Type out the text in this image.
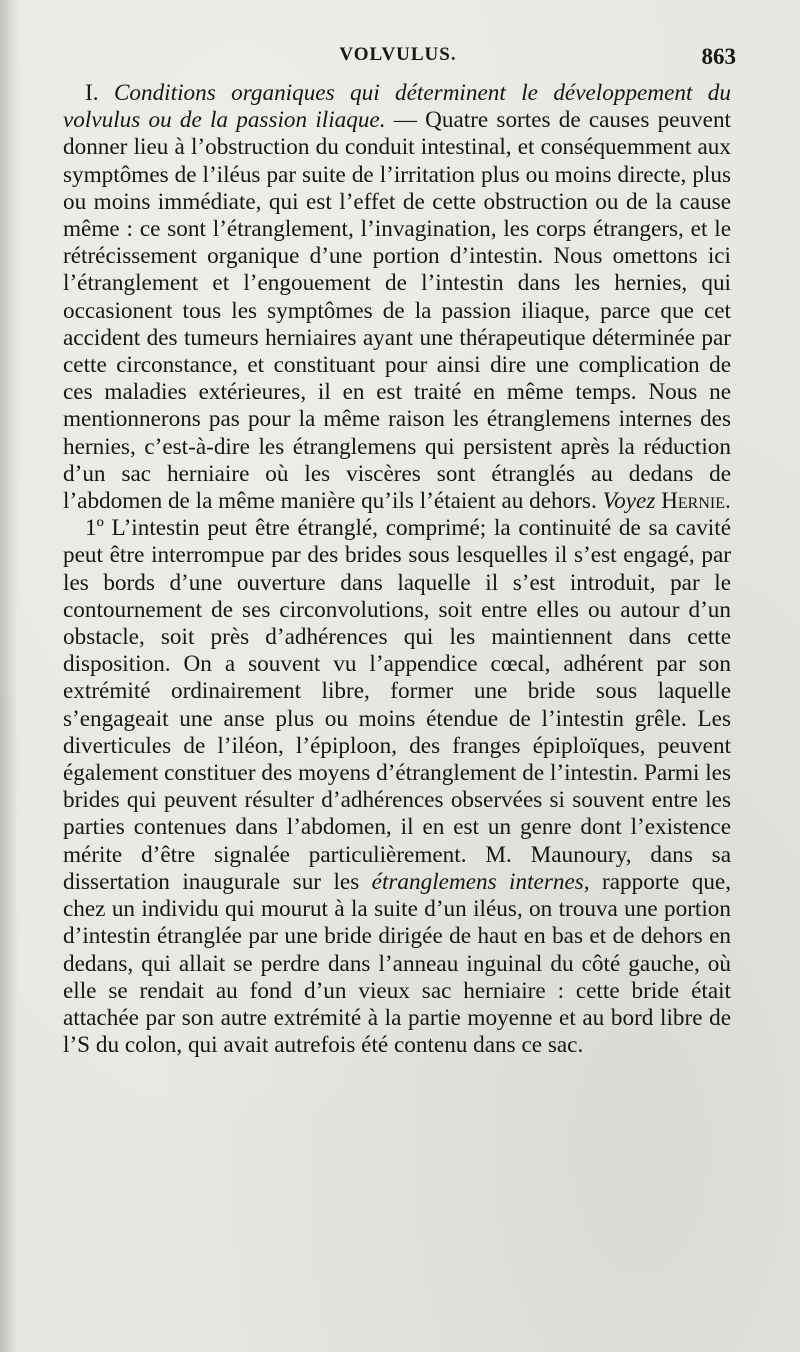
VOLVULUS.	863

I. Conditions organiques qui déterminent le développement du volvulus ou de la passion iliaque. — Quatre sortes de causes peuvent donner lieu à l’obstruction du conduit intestinal, et conséquemment aux symptômes de l’iléus par suite de l’irritation plus ou moins directe, plus ou moins immédiate, qui est l’effet de cette obstruction ou de la cause même : ce sont l’étranglement, l’invagination, les corps étrangers, et le rétrécissement organique d’une portion d’intestin. Nous omettons ici l’étranglement et l’engouement de l’intestin dans les hernies, qui occasionent tous les symptômes de la passion iliaque, parce que cet accident des tumeurs herniaires ayant une thérapeutique déterminée par cette circonstance, et constituant pour ainsi dire une complication de ces maladies extérieures, il en est traité en même temps. Nous ne mentionnerons pas pour la même raison les étranglemens internes des hernies, c’est-à-dire les étranglemens qui persistent après la réduction d’un sac herniaire où les viscères sont étranglés au dedans de l’abdomen de la même manière qu’ils l’étaient au dehors. Voyez Hernie.

1º L’intestin peut être étranglé, comprimé; la continuité de sa cavité peut être interrompue par des brides sous lesquelles il s’est engagé, par les bords d’une ouverture dans laquelle il s’est introduit, par le contournement de ses circonvolutions, soit entre elles ou autour d’un obstacle, soit près d’adhérences qui les maintiennent dans cette disposition. On a souvent vu l’appendice cœcal, adhérent par son extrémité ordinairement libre, former une bride sous laquelle s’engageait une anse plus ou moins étendue de l’intestin grêle. Les diverticules de l’iléon, l’épiploon, des franges épiploïques, peuvent également constituer des moyens d’étranglement de l’intestin. Parmi les brides qui peuvent résulter d’adhérences observées si souvent entre les parties contenues dans l’abdomen, il en est un genre dont l’existence mérite d’être signalée particulièrement. M. Maunoury, dans sa dissertation inaugurale sur les étranglemens internes, rapporte que, chez un individu qui mourut à la suite d’un iléus, on trouva une portion d’intestin étranglée par une bride dirigée de haut en bas et de dehors en dedans, qui allait se perdre dans l’anneau inguinal du côté gauche, où elle se rendait au fond d’un vieux sac herniaire : cette bride était attachée par son autre extrémité à la partie moyenne et au bord libre de l’S du colon, qui avait autrefois été contenu dans ce sac.
